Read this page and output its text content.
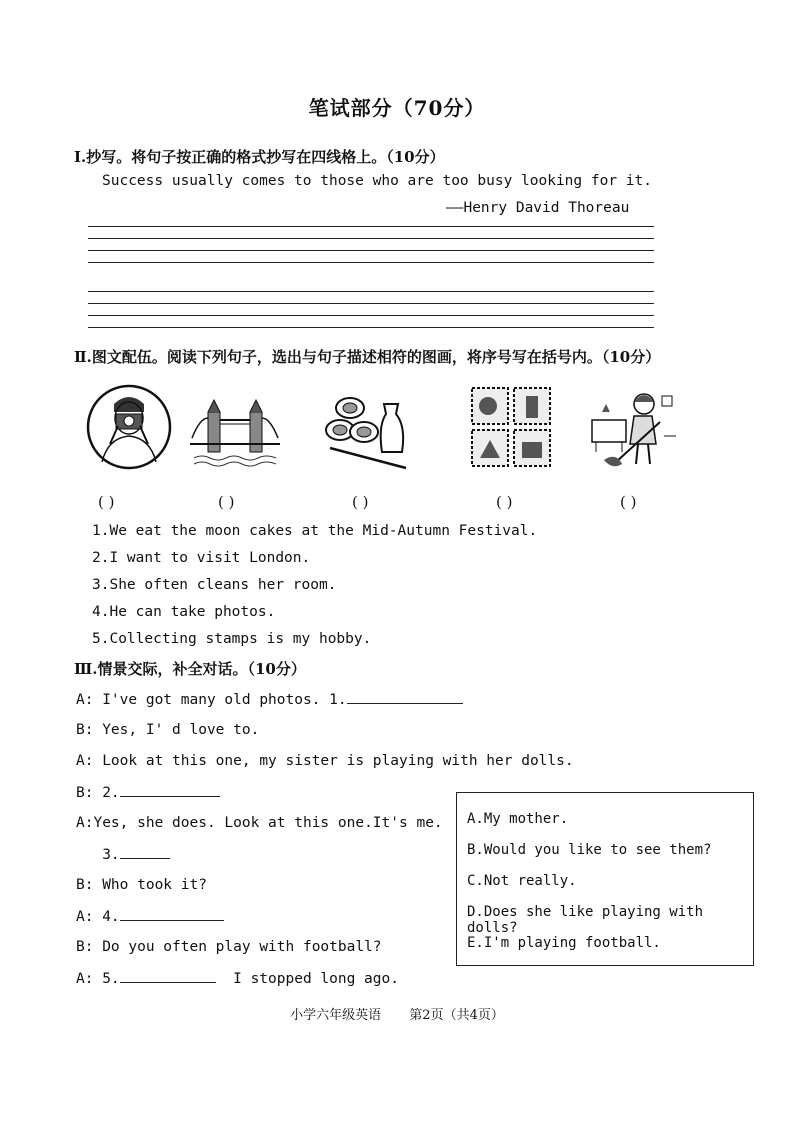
笔试部分（70分）
Ⅰ.抄写。将句子按正确的格式抄写在四线格上。（10分）
Success usually comes to those who are too busy looking for it.
——Henry David Thoreau
Ⅱ.图文配伍。阅读下列句子，选出与句子描述相符的图画，将序号写在括号内。（10分）
( )	( )	( )	( )	( )
1.We eat the moon cakes at the Mid-Autumn Festival.
2.I want to visit London.
3.She often cleans her room.
4.He can take photos.
5.Collecting stamps is my hobby.
Ⅲ.情景交际，补全对话。（10分）
A: I've got many old photos. 1.
B: Yes, I' d love to.
A: Look at this one, my sister is playing with her dolls.
B: 2.
A:Yes, she does. Look at this one.It's me.
3.
B: Who took it?
A: 4.
B: Do you often play with football?
A: 5.	I stopped long ago.
A.My mother.
B.Would you like to see them?
C.Not really.
D.Does she like playing with dolls?
E.I'm playing football.
小学六年级英语 第2页（共4页）
